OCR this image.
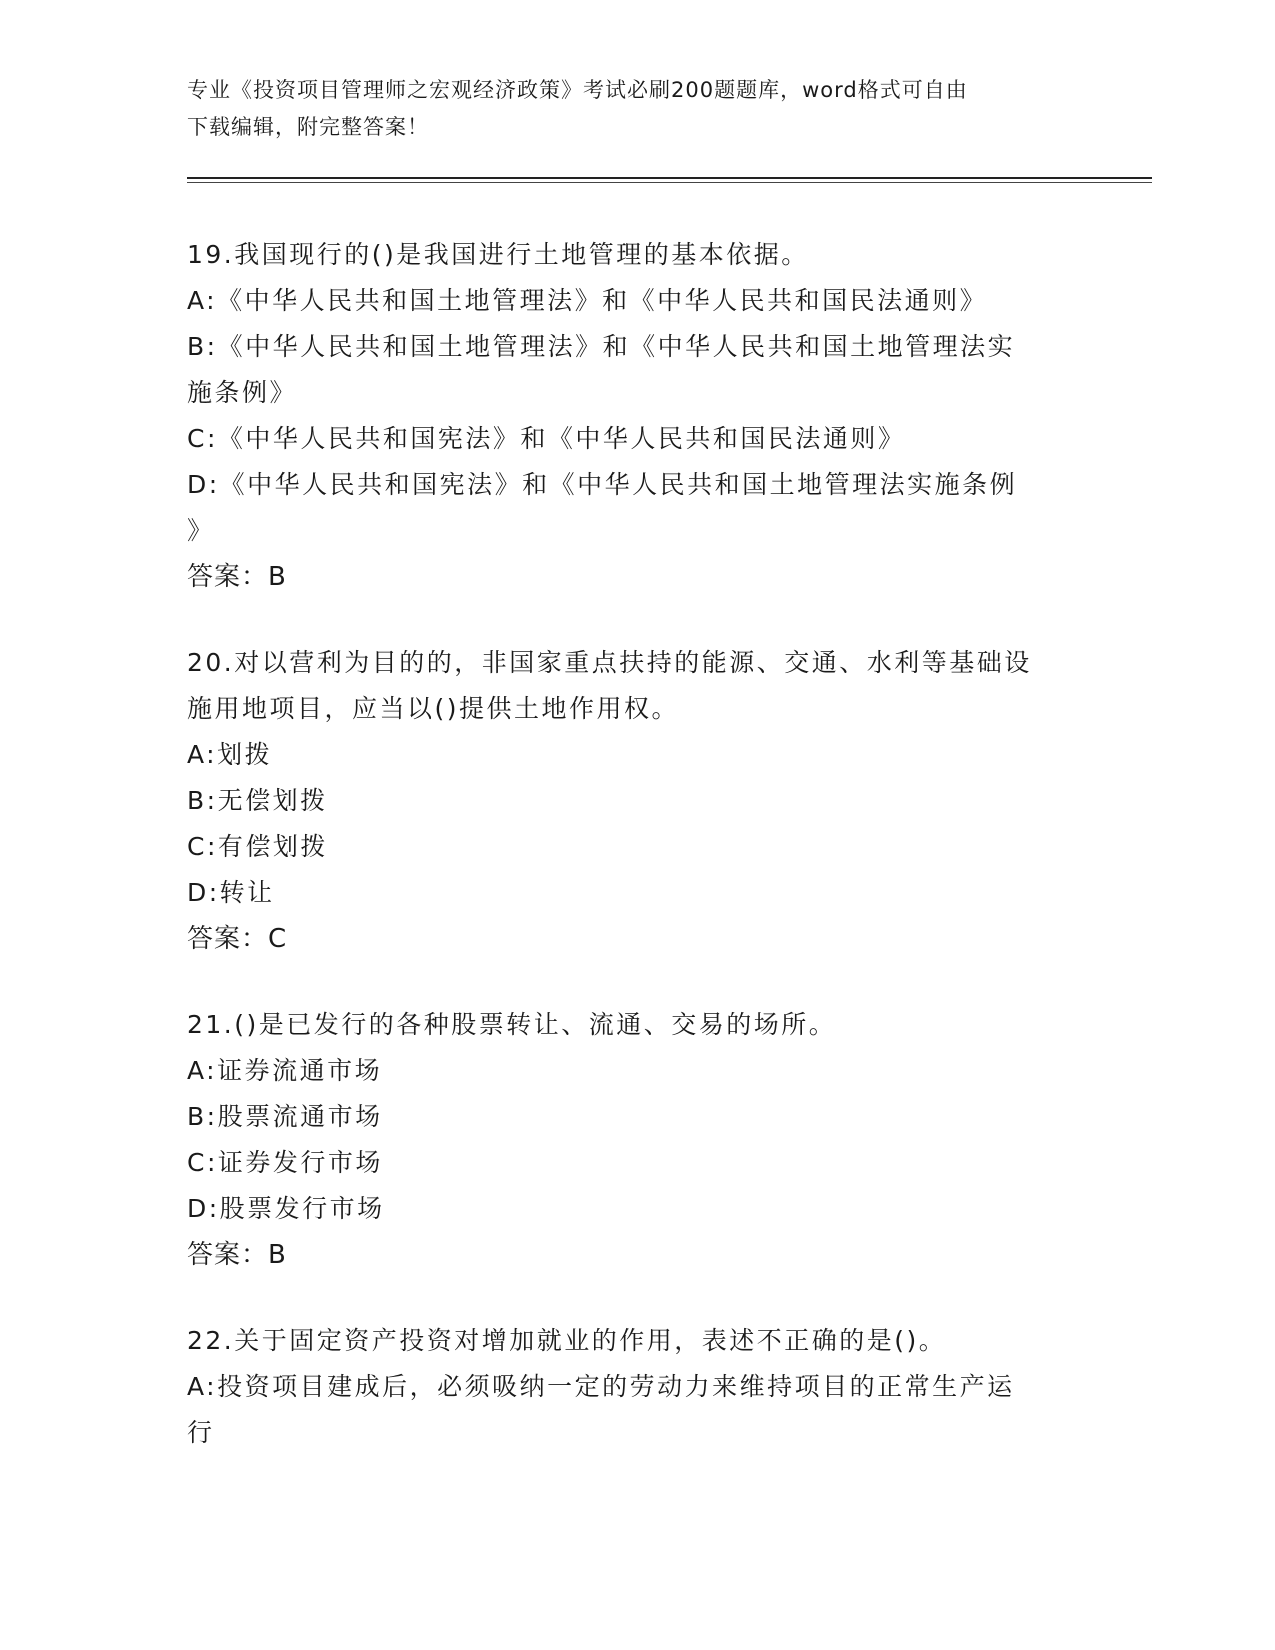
专业《投资项目管理师之宏观经济政策》考试必刷200题题库，word格式可自由
下载编辑，附完整答案！
19.我国现行的()是我国进行土地管理的基本依据。
A:《中华人民共和国土地管理法》和《中华人民共和国民法通则》
B:《中华人民共和国土地管理法》和《中华人民共和国土地管理法实
施条例》
C:《中华人民共和国宪法》和《中华人民共和国民法通则》
D:《中华人民共和国宪法》和《中华人民共和国土地管理法实施条例
》
答案：B
20.对以营利为目的的，非国家重点扶持的能源、交通、水利等基础设
施用地项目，应当以()提供土地作用权。
A:划拨
B:无偿划拨
C:有偿划拨
D:转让
答案：C
21.()是已发行的各种股票转让、流通、交易的场所。
A:证券流通市场
B:股票流通市场
C:证券发行市场
D:股票发行市场
答案：B
22.关于固定资产投资对增加就业的作用，表述不正确的是()。
A:投资项目建成后，必须吸纳一定的劳动力来维持项目的正常生产运
行
